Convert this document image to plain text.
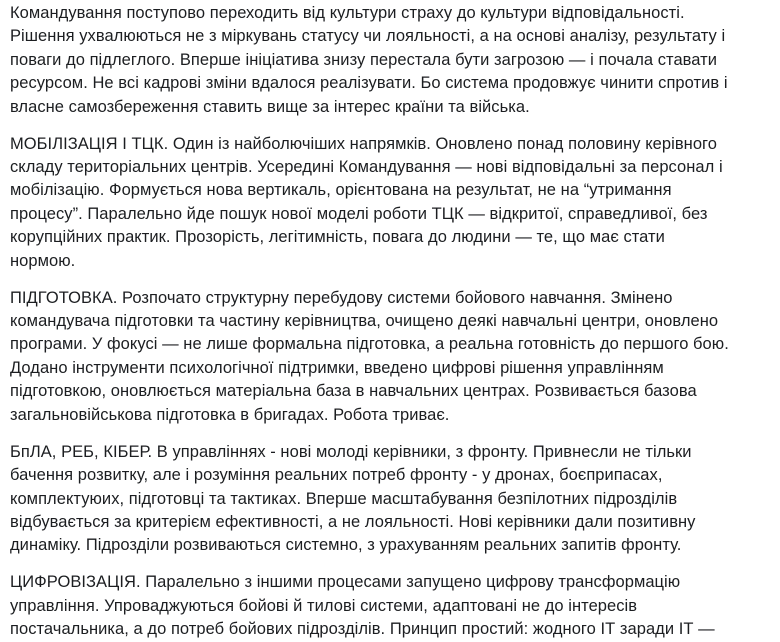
Командування поступово переходить від культури страху до культури відповідальності.
Рішення ухвалюються не з міркувань статусу чи лояльності, а на основі аналізу, результату і
поваги до підлеглого. Вперше ініціатива знизу перестала бути загрозою — і почала ставати
ресурсом. Не всі кадрові зміни вдалося реалізувати. Бо система продовжує чинити спротив і
власне самозбереження ставить вище за інтерес країни та війська.

МОБІЛІЗАЦІЯ І ТЦК. Один із найболючіших напрямків. Оновлено понад половину керівного
складу територіальних центрів. Усередині Командування — нові відповідальні за персонал і
мобілізацію. Формується нова вертикаль, орієнтована на результат, не на “утримання
процесу”. Паралельно йде пошук нової моделі роботи ТЦК — відкритої, справедливої, без
корупційних практик. Прозорість, легітимність, повага до людини — те, що має стати
нормою.

ПІДГОТОВКА. Розпочато структурну перебудову системи бойового навчання. Змінено
командувача підготовки та частину керівництва, очищено деякі навчальні центри, оновлено
програми. У фокусі — не лише формальна підготовка, а реальна готовність до першого бою.
Додано інструменти психологічної підтримки, введено цифрові рішення управлінням
підготовкою, оновлюється матеріальна база в навчальних центрах. Розвивається базова
загальновійськова підготовка в бригадах. Робота триває.

БпЛА, РЕБ, КІБЕР. В управліннях - нові молоді керівники, з фронту. Привнесли не тільки
бачення розвитку, але і розуміння реальних потреб фронту - у дронах, боєприпасах,
комплектуюих, підготовці та тактиках. Вперше масштабування безпілотних підрозділів
відбувається за критерієм ефективності, а не лояльності. Нові керівники дали позитивну
динаміку. Підрозділи розвиваються системно, з урахуванням реальних запитів фронту.

ЦИФРОВІЗАЦІЯ. Паралельно з іншими процесами запущено цифрову трансформацію
управління. Упроваджуються бойові й тилові системи, адаптовані не до інтересів
постачальника, а до потреб бойових підрозділів. Принцип простий: жодного ІТ заради ІТ —
